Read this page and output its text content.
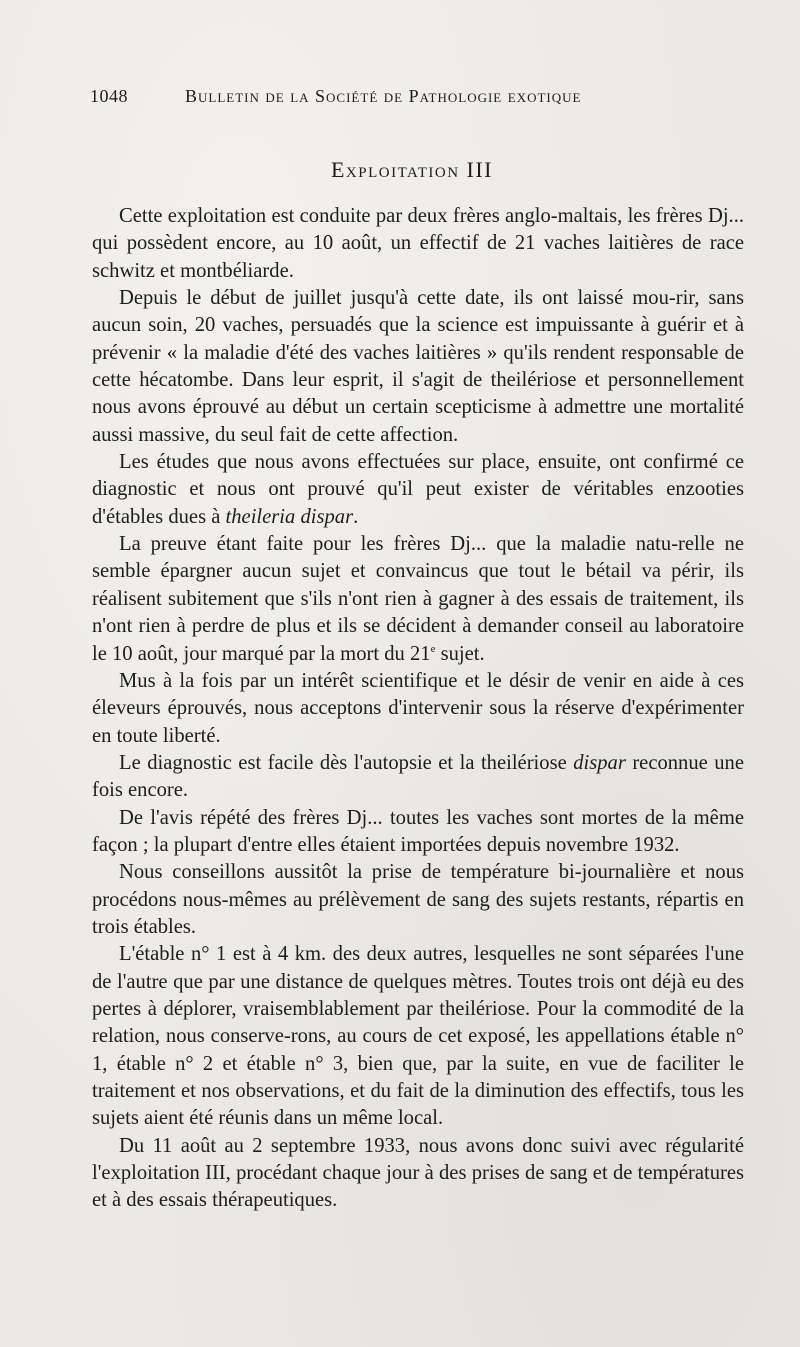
1048	Bulletin de la Société de Pathologie exotique
Exploitation III

Cette exploitation est conduite par deux frères anglo-maltais, les frères Dj... qui possèdent encore, au 10 août, un effectif de 21 vaches laitières de race schwitz et montbéliarde.

Depuis le début de juillet jusqu'à cette date, ils ont laissé mou-rir, sans aucun soin, 20 vaches, persuadés que la science est impuissante à guérir et à prévenir « la maladie d'été des vaches laitières » qu'ils rendent responsable de cette hécatombe. Dans leur esprit, il s'agit de theilériose et personnellement nous avons éprouvé au début un certain scepticisme à admettre une mortalité aussi massive, du seul fait de cette affection.

Les études que nous avons effectuées sur place, ensuite, ont confirmé ce diagnostic et nous ont prouvé qu'il peut exister de véritables enzooties d'étables dues à theileria dispar.

La preuve étant faite pour les frères Dj... que la maladie natu-relle ne semble épargner aucun sujet et convaincus que tout le bétail va périr, ils réalisent subitement que s'ils n'ont rien à gagner à des essais de traitement, ils n'ont rien à perdre de plus et ils se décident à demander conseil au laboratoire le 10 août, jour marqué par la mort du 21e sujet.

Mus à la fois par un intérêt scientifique et le désir de venir en aide à ces éleveurs éprouvés, nous acceptons d'intervenir sous la réserve d'expérimenter en toute liberté.

Le diagnostic est facile dès l'autopsie et la theilériose dispar reconnue une fois encore.

De l'avis répété des frères Dj... toutes les vaches sont mortes de la même façon ; la plupart d'entre elles étaient importées depuis novembre 1932.

Nous conseillons aussitôt la prise de température bi-journalière et nous procédons nous-mêmes au prélèvement de sang des sujets restants, répartis en trois étables.

L'étable n° 1 est à 4 km. des deux autres, lesquelles ne sont séparées l'une de l'autre que par une distance de quelques mètres. Toutes trois ont déjà eu des pertes à déplorer, vraisemblablement par theilériose. Pour la commodité de la relation, nous conserve-rons, au cours de cet exposé, les appellations étable n° 1, étable n° 2 et étable n° 3, bien que, par la suite, en vue de faciliter le traitement et nos observations, et du fait de la diminution des effectifs, tous les sujets aient été réunis dans un même local.

Du 11 août au 2 septembre 1933, nous avons donc suivi avec régularité l'exploitation III, procédant chaque jour à des prises de sang et de températures et à des essais thérapeutiques.
